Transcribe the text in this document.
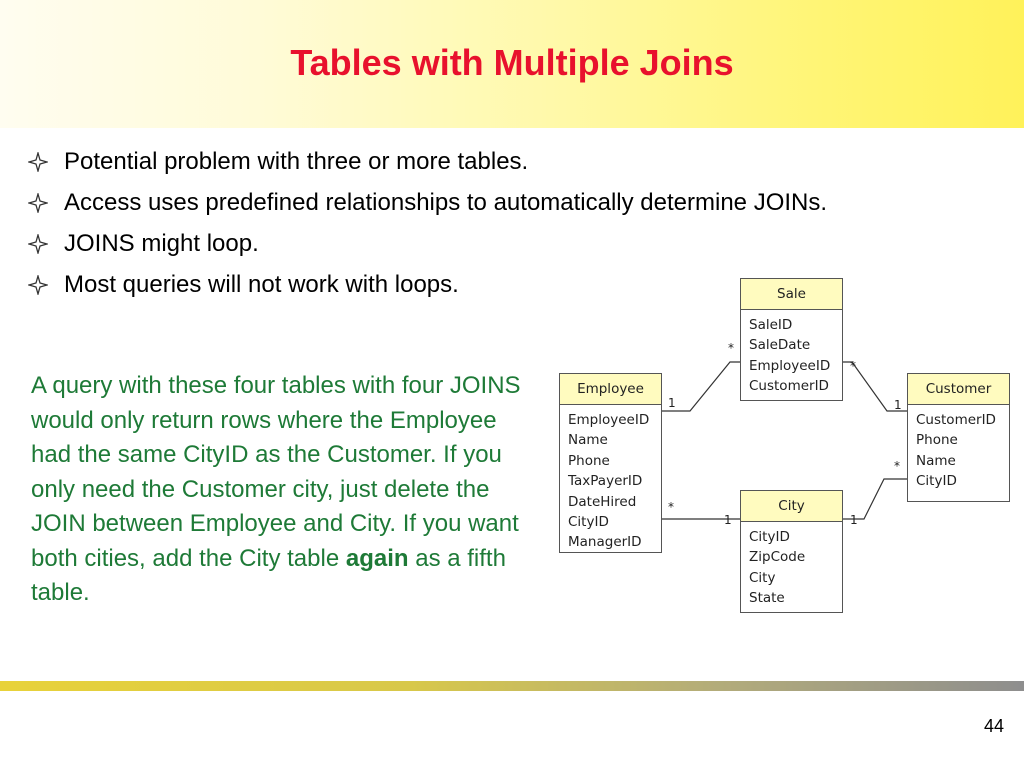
Tables with Multiple Joins
Potential problem with three or more tables.
Access uses predefined relationships to automatically determine JOINs.
JOINS might loop.
Most queries will not work with loops.
A query with these four tables with four JOINS would only return rows where the Employee had the same CityID as the Customer. If you only need the Customer city, just delete the JOIN between Employee and City. If you want both cities, add the City table again as a fifth table.
1
*
*
1
*
1	1
*
Sale
SaleID
SaleDate
EmployeeID
CustomerID
Employee
EmployeeID
Name
Phone
TaxPayerID
DateHired
CityID
ManagerID
Customer
CustomerID
Phone
Name
CityID
City
CityID
ZipCode
City
State
44
